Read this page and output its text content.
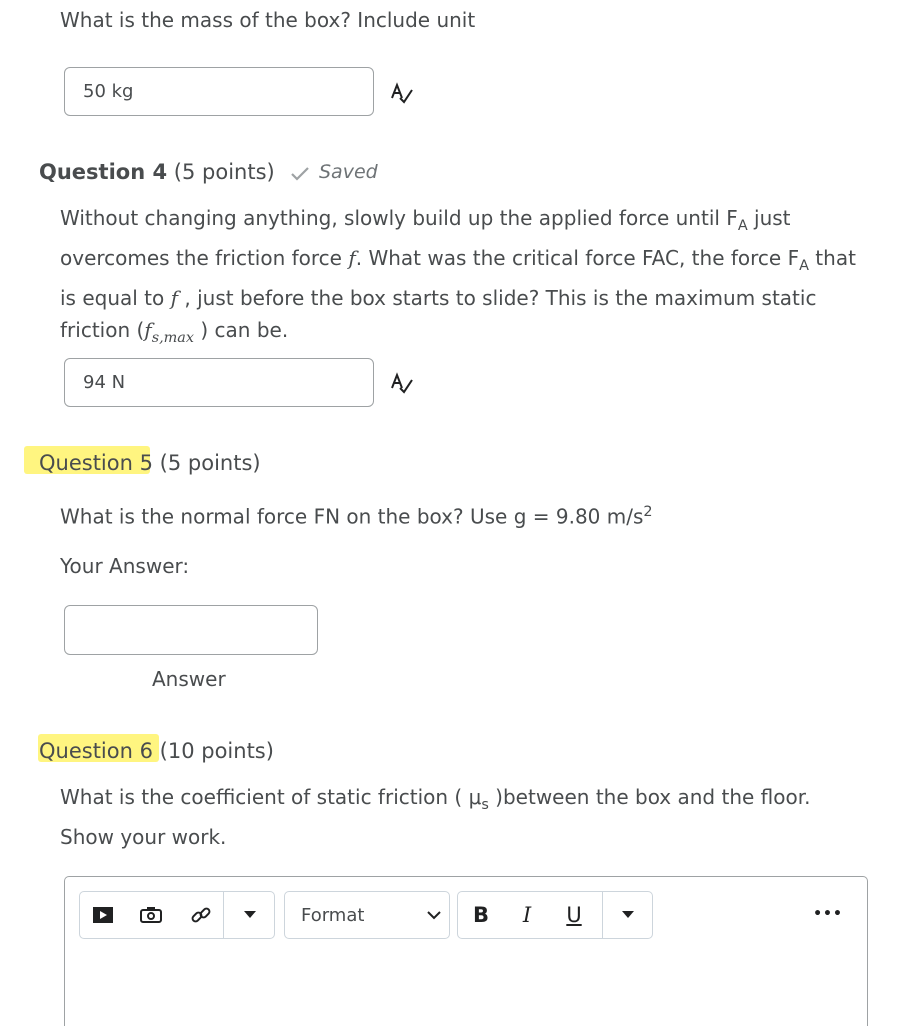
What is the mass of the box? Include unit
50 kg
Question 4 (5 points) Saved
Without changing anything, slowly build up the applied force until $F_A$ just
overcomes the friction force f. What was the critical force FAC, the force $F_A$ that
is equal to f , just before the box starts to slide? This is the maximum static
friction ($f_{s,max}$ ) can be.
94 N
Question 5 (5 points)
What is the normal force FN on the box? Use g = 9.80 $m/s^2$
Your Answer:
Answer
Question 6 (10 points)
What is the coefficient of static friction ( $\mu_s$ )between the box and the floor.
Show your work.
Format	B I U	•••
